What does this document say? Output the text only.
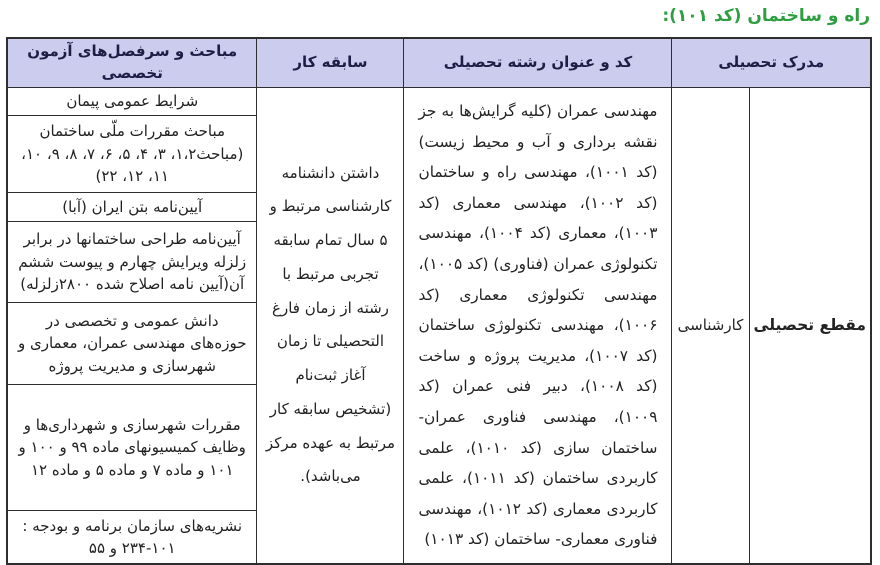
راه و ساختمان (کد ۱۰۱):
مدرک تحصیلی		کد و عنوان رشته تحصیلی	سابقه کار	مباحث و سرفصل‌های آزمون تخصصی
مقطع تحصیلی	کارشناسی	مهندسی عمران (کلیه گرایش‌ها به جز نقشه برداری و آب و محیط زیست) (کد ۱۰۰۱)، مهندسی راه و ساختمان (کد ۱۰۰۲)، مهندسی معماری (کد ۱۰۰۳)، معماری (کد ۱۰۰۴)، مهندسی تکنولوژی عمران (فناوری) (کد ۱۰۰۵)، مهندسی تکنولوژی معماری (کد ۱۰۰۶)، مهندسی تکنولوژی ساختمان (کد ۱۰۰۷)، مدیریت پروژه و ساخت (کد ۱۰۰۸)، دبیر فنی عمران (کد ۱۰۰۹)، مهندسی فناوری عمران- ساختمان سازی (کد ۱۰۱۰)، علمی کاربردی ساختمان (کد ۱۰۱۱)، علمی کاربردی معماری (کد ۱۰۱۲)، مهندسی فناوری معماری- ساختمان (کد ۱۰۱۳)	داشتن دانشنامه کارشناسی مرتبط و ۵ سال تمام سابقه تجربی مرتبط با رشته از زمان فارغ التحصیلی تا زمان آغاز ثبت‌نام (تشخیص سابقه کار مرتبط به عهده مرکز می‌باشد).	شرایط عمومی پیمان
				مباحث مقررات ملّی ساختمان (مباحث۱،۲، ۳، ۴، ۵، ۶، ۷، ۸، ۹، ۱۰، ۱۱، ۱۲، ۲۲)
				آیین‌نامه بتن ایران (آبا)
				آیین‌نامه طراحی ساختمانها در برابر زلزله ویرایش چهارم و پیوست ششم آن(آیین نامه اصلاح شده ۲۸۰۰زلزله)
				دانش عمومی و تخصصی در حوزه‌های مهندسی عمران، معماری و شهرسازی و مدیریت پروژه
				مقررات شهرسازی و شهرداری‌ها و وظایف کمیسیونهای ماده ۹۹ و ۱۰۰ و ۱۰۱ و ماده ۷ و ماده ۵ و ماده ۱۲
				نشریه‌های سازمان برنامه و بودجه : ۱۰۱-۲۳۴ و ۵۵
